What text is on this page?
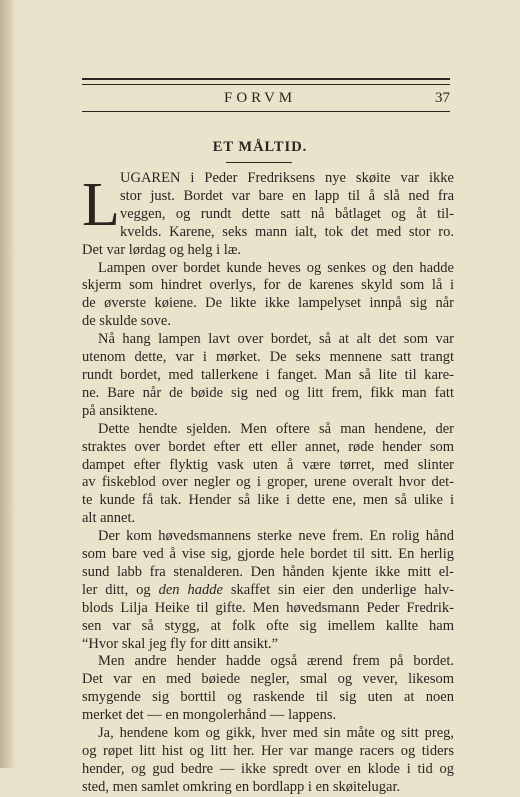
FORVM	37
ET MÅLTID.
L UGAREN i Peder Fredriksens nye skøite var ikke
stor just. Bordet var bare en lapp til å slå ned fra
veggen, og rundt dette satt nå båtlaget og åt til-
kvelds. Karene, seks mann ialt, tok det med stor ro.
Det var lørdag og helg i læ.
Lampen over bordet kunde heves og senkes og den hadde
skjerm som hindret overlys, for de karenes skyld som lå i
de øverste køiene. De likte ikke lampelyset innpå sig når
de skulde sove.
Nå hang lampen lavt over bordet, så at alt det som var
utenom dette, var i mørket. De seks mennene satt trangt
rundt bordet, med tallerkene i fanget. Man så lite til kare-
ne. Bare når de bøide sig ned og litt frem, fikk man fatt
på ansiktene.
Dette hendte sjelden. Men oftere så man hendene, der
straktes over bordet efter ett eller annet, røde hender som
dampet efter flyktig vask uten å være tørret, med slinter
av fiskeblod over negler og i groper, urene overalt hvor det-
te kunde få tak. Hender så like i dette ene, men så ulike i
alt annet.
Der kom høvedsmannens sterke neve frem. En rolig hånd
som bare ved å vise sig, gjorde hele bordet til sitt. En herlig
sund labb fra stenalderen. Den hånden kjente ikke mitt el-
ler ditt, og den hadde skaffet sin eier den underlige halv-
blods Lilja Heike til gifte. Men høvedsmann Peder Fredrik-
sen var så stygg, at folk ofte sig imellem kallte ham
“Hvor skal jeg fly for ditt ansikt.”
Men andre hender hadde også ærend frem på bordet.
Det var en med bøiede negler, smal og vever, likesom
smygende sig borttil og raskende til sig uten at noen
merket det — en mongolerhånd — lappens.
Ja, hendene kom og gikk, hver med sin måte og sitt preg,
og røpet litt hist og litt her. Her var mange racers og tiders
hender, og gud bedre — ikke spredt over en klode i tid og
sted, men samlet omkring en bordlapp i en skøitelugar.
